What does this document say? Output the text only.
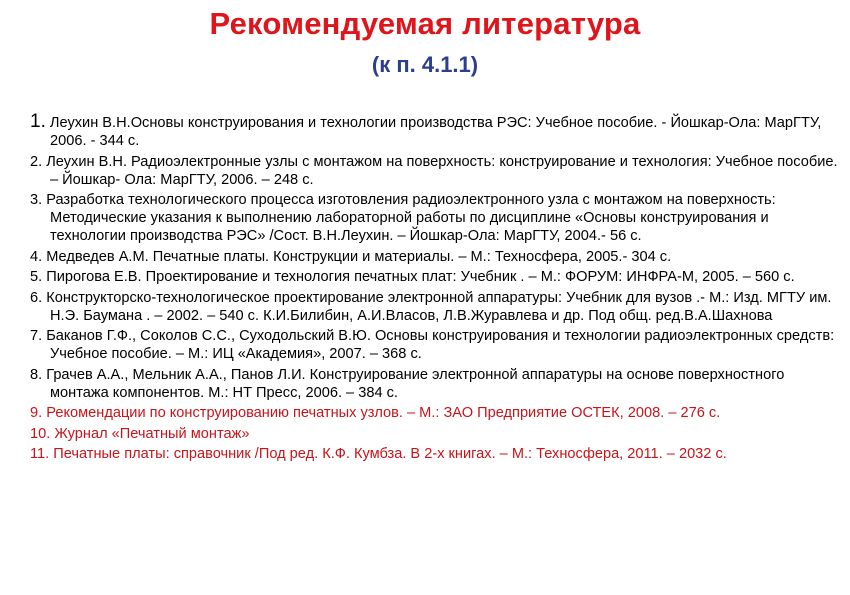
Рекомендуемая литература
(к п. 4.1.1)
1. Леухин В.Н.Основы конструирования и технологии производства РЭС: Учебное пособие. - Йошкар-Ола: МарГТУ, 2006. - 344 с.
2. Леухин В.Н. Радиоэлектронные узлы с монтажом на поверхность: конструирование и технология: Учебное пособие. – Йошкар- Ола: МарГТУ, 2006. – 248 с.
3. Разработка технологического процесса изготовления радиоэлектронного узла с монтажом на поверхность: Методические указания к выполнению лабораторной работы по дисциплине «Основы конструирования и технологии производства РЭС» /Сост. В.Н.Леухин. – Йошкар-Ола: МарГТУ, 2004.- 56 с.
4. Медведев А.М. Печатные платы. Конструкции и материалы. – М.: Техносфера, 2005.- 304 с.
5. Пирогова Е.В. Проектирование и технология печатных плат: Учебник . – М.: ФОРУМ: ИНФРА-М, 2005. – 560 с.
6. Конструкторско-технологическое проектирование электронной аппаратуры: Учебник для вузов .- М.: Изд. МГТУ им. Н.Э. Баумана . – 2002. – 540 с. К.И.Билибин, А.И.Власов, Л.В.Журавлева и др. Под общ. ред.В.А.Шахнова
7. Баканов Г.Ф., Соколов С.С., Суходольский В.Ю. Основы конструирования и технологии радиоэлектронных средств: Учебное пособие. – М.: ИЦ «Академия», 2007. – 368 с.
8. Грачев А.А., Мельник А.А., Панов Л.И. Конструирование электронной аппаратуры на основе поверхностного монтажа компонентов. М.: НТ Пресс, 2006. – 384 с.
9. Рекомендации по конструированию печатных узлов. – М.: ЗАО Предприятие ОСТЕК, 2008. – 276 с.
10. Журнал «Печатный монтаж»
11. Печатные платы: справочник /Под ред. К.Ф. Кумбза. В 2-х книгах. – М.: Техносфера, 2011. – 2032 с.
